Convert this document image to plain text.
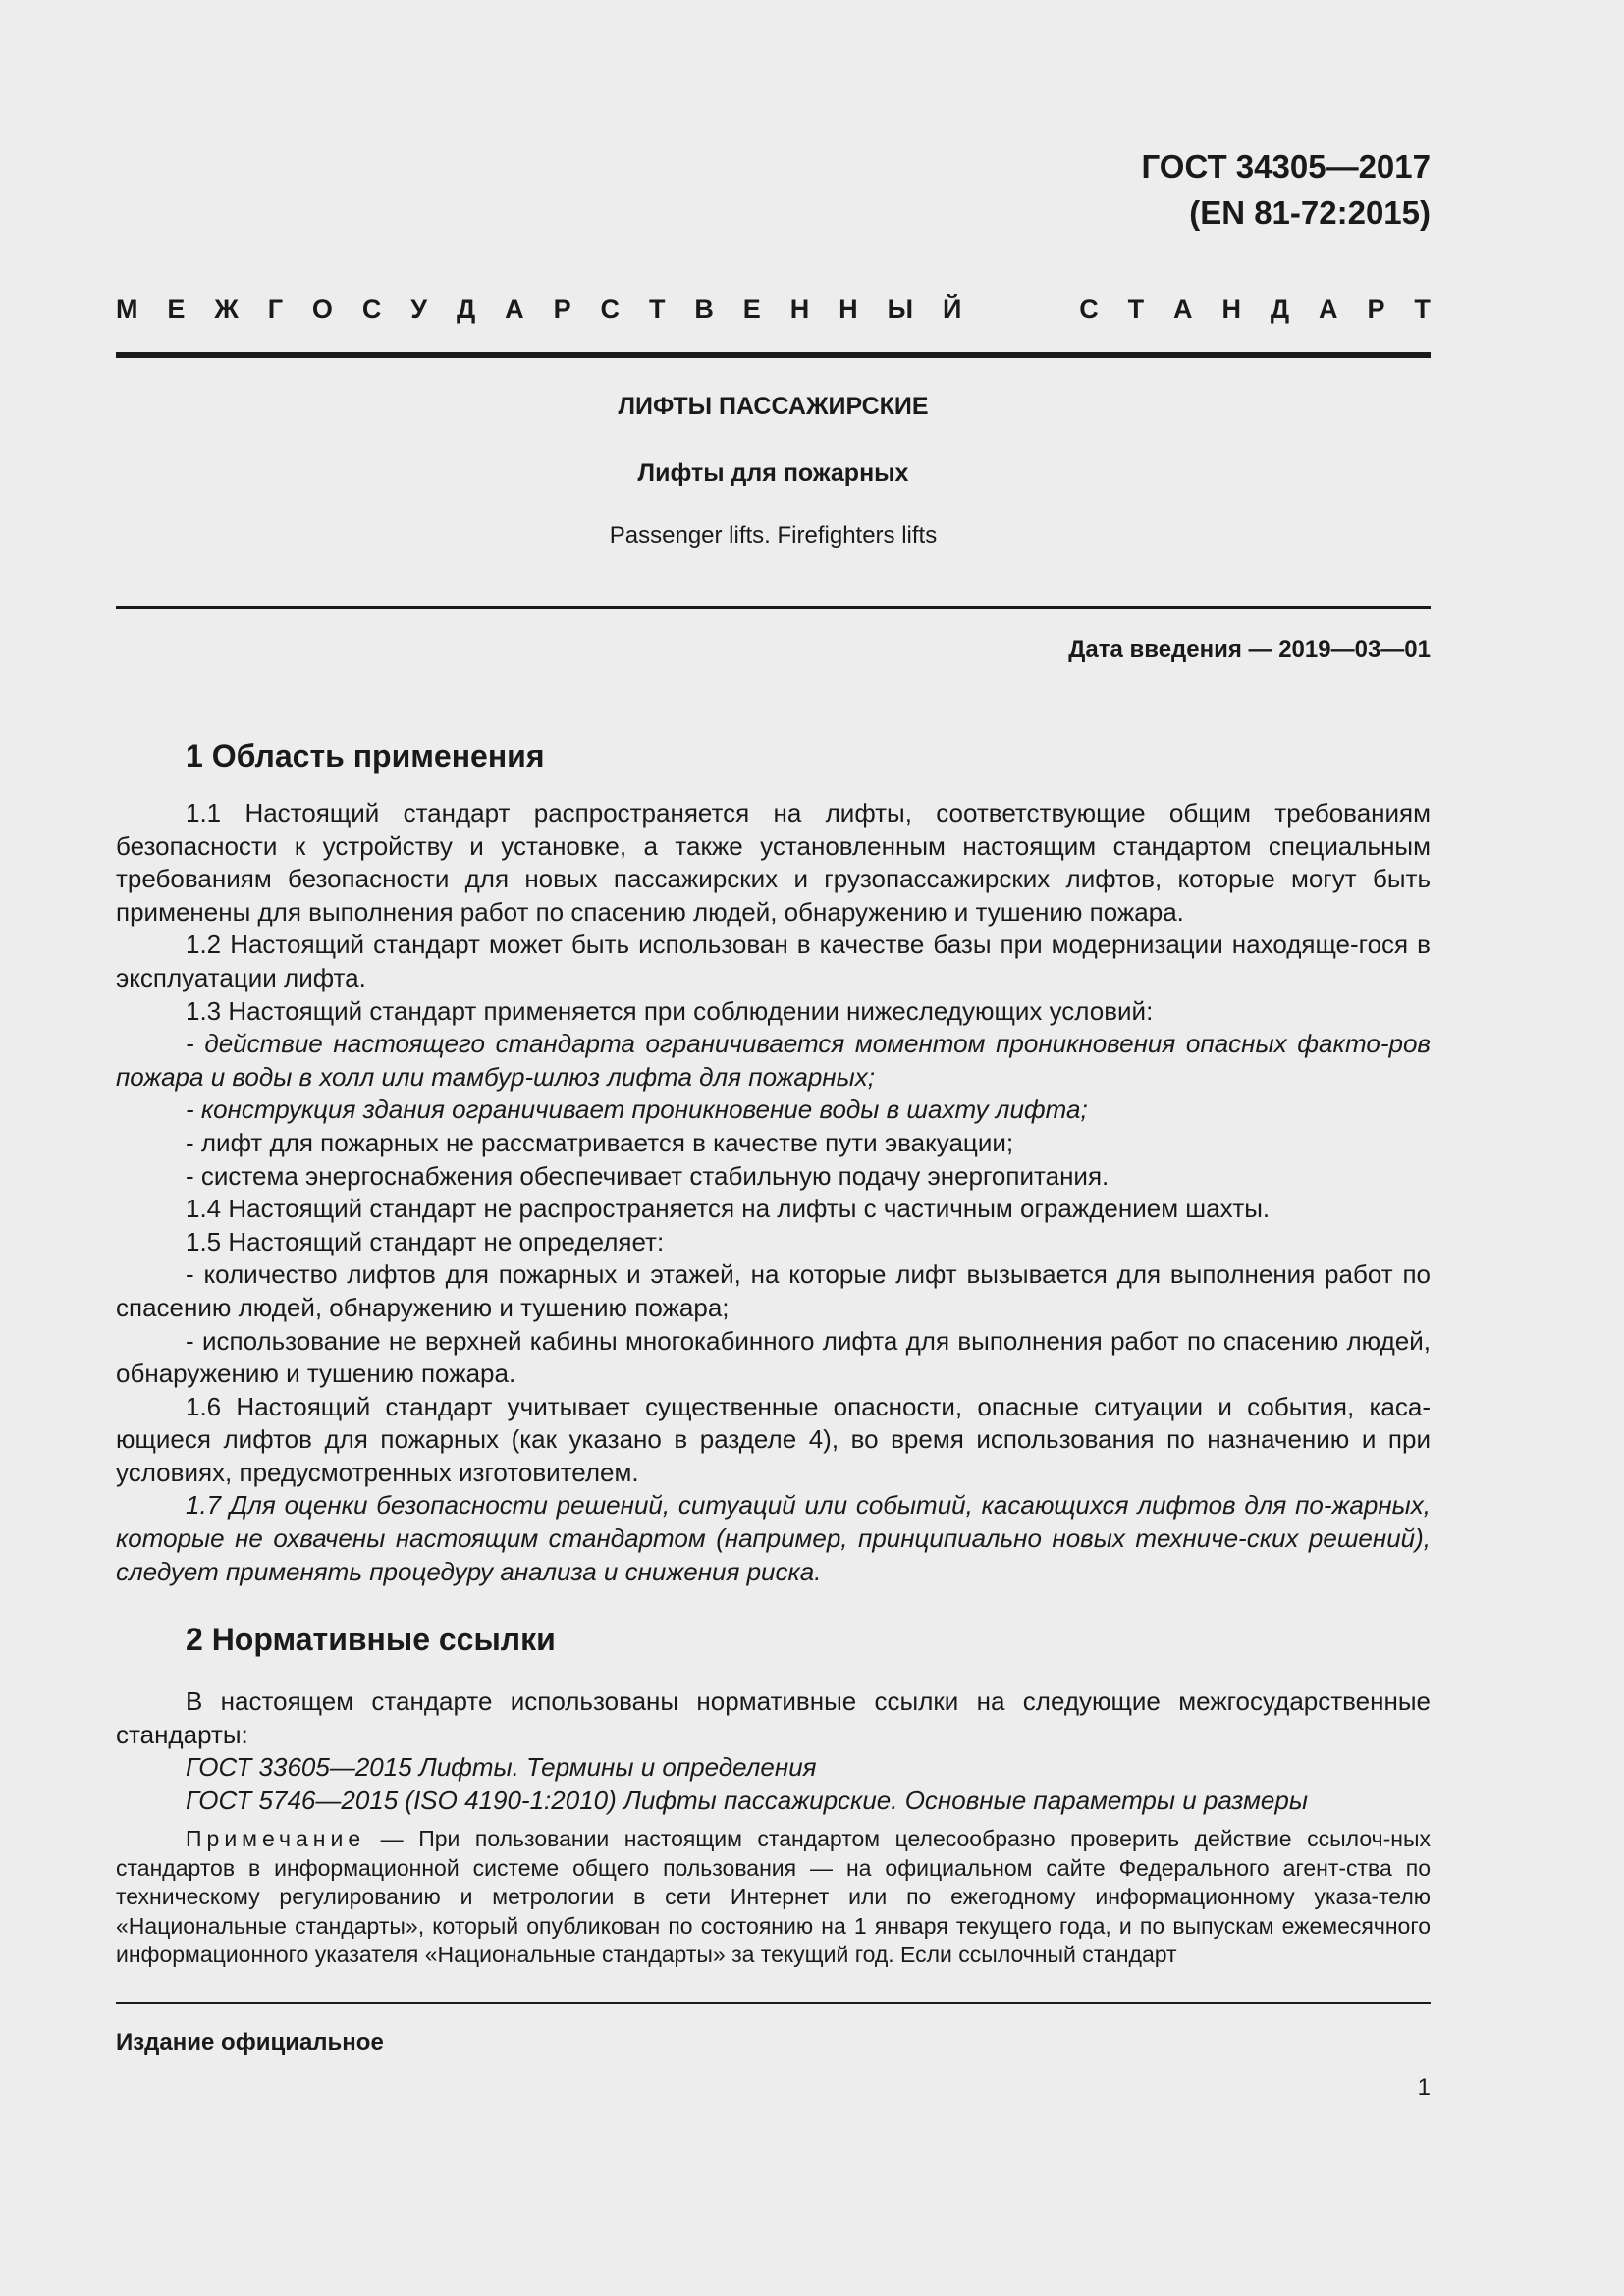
ГОСТ 34305—2017
(EN 81-72:2015)
М Е Ж Г О С У Д А Р С Т В Е Н Н Ы Й	С Т А Н Д А Р Т
ЛИФТЫ ПАССАЖИРСКИЕ
Лифты для пожарных
Passenger lifts. Firefighters lifts
Дата введения — 2019—03—01
1 Область применения

1.1 Настоящий стандарт распространяется на лифты, соответствующие общим требованиям безопасности к устройству и установке, а также установленным настоящим стандартом специальным требованиям безопасности для новых пассажирских и грузопассажирских лифтов, которые могут быть применены для выполнения работ по спасению людей, обнаружению и тушению пожара.

1.2 Настоящий стандарт может быть использован в качестве базы при модернизации находяще-гося в эксплуатации лифта.

1.3 Настоящий стандарт применяется при соблюдении нижеследующих условий:

- действие настоящего стандарта ограничивается моментом проникновения опасных факто-ров пожара и воды в холл или тамбур-шлюз лифта для пожарных;

- конструкция здания ограничивает проникновение воды в шахту лифта;

- лифт для пожарных не рассматривается в качестве пути эвакуации;

- система энергоснабжения обеспечивает стабильную подачу энергопитания.

1.4 Настоящий стандарт не распространяется на лифты с частичным ограждением шахты.

1.5 Настоящий стандарт не определяет:

- количество лифтов для пожарных и этажей, на которые лифт вызывается для выполнения работ по спасению людей, обнаружению и тушению пожара;

- использование не верхней кабины многокабинного лифта для выполнения работ по спасению людей, обнаружению и тушению пожара.

1.6 Настоящий стандарт учитывает существенные опасности, опасные ситуации и события, каса-ющиеся лифтов для пожарных (как указано в разделе 4), во время использования по назначению и при условиях, предусмотренных изготовителем.

1.7 Для оценки безопасности решений, ситуаций или событий, касающихся лифтов для по-жарных, которые не охвачены настоящим стандартом (например, принципиально новых техниче-ских решений), следует применять процедуру анализа и снижения риска.

2 Нормативные ссылки

В настоящем стандарте использованы нормативные ссылки на следующие межгосударственные стандарты:

ГОСТ 33605—2015 Лифты. Термины и определения

ГОСТ 5746—2015 (ISO 4190-1:2010) Лифты пассажирские. Основные параметры и размеры

Примечание — При пользовании настоящим стандартом целесообразно проверить действие ссылоч-ных стандартов в информационной системе общего пользования — на официальном сайте Федерального агент-ства по техническому регулированию и метрологии в сети Интернет или по ежегодному информационному указа-телю «Национальные стандарты», который опубликован по состоянию на 1 января текущего года, и по выпускам ежемесячного информационного указателя «Национальные стандарты» за текущий год. Если ссылочный стандарт

Издание официальное
1
